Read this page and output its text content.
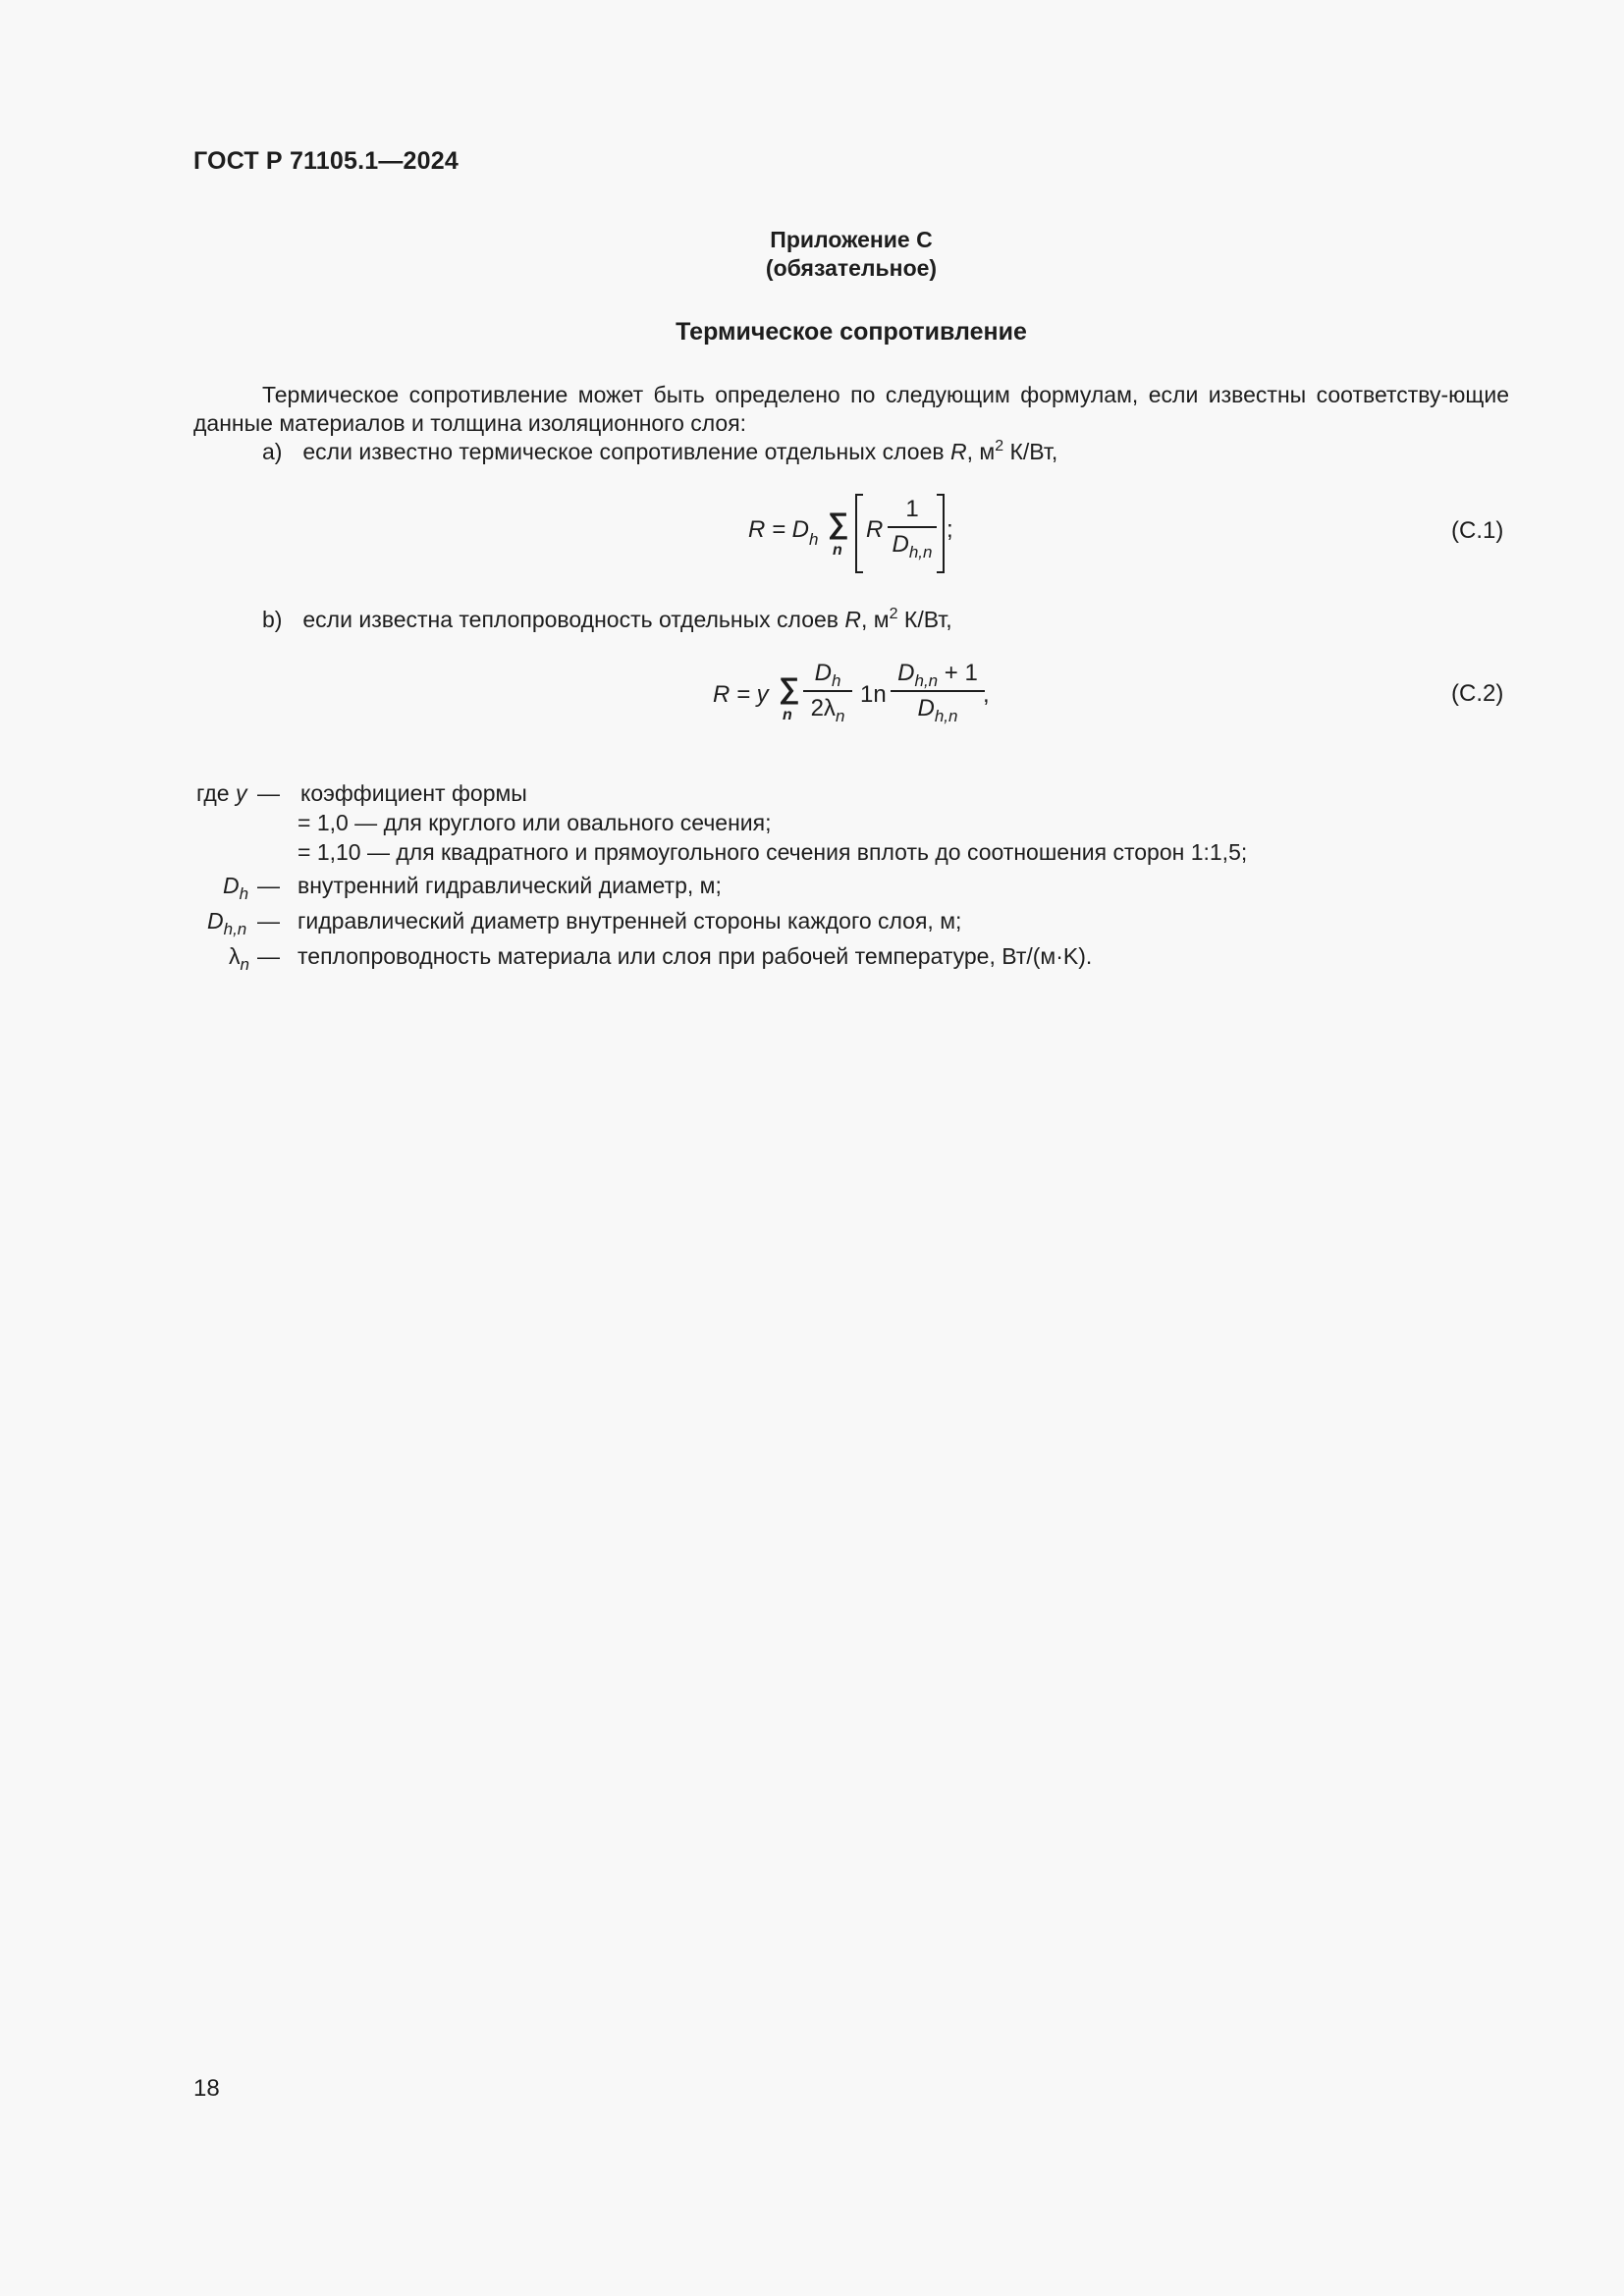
ГОСТ Р 71105.1—2024
Приложение С
(обязательное)
Термическое сопротивление
Термическое сопротивление может быть определено по следующим формулам, если известны соответству-ющие данные материалов и толщина изоляционного слоя:
a) если известно термическое сопротивление отдельных слоев R, $м^2$ К/Вт,
$R = D_h$ ∑
n
R
1
$D_{h,n}$
;	(С.1)
b) если известна теплопроводность отдельных слоев R, $м^2$ К/Вт,
R = y ∑
n
$D_h$
$2\lambda_n$
1n
$D_{h,n} + 1$
$D_{h,n}$
,	(С.2)
где y — коэффициент формы
= 1,0 — для круглого или овального сечения;
= 1,10 — для квадратного и прямоугольного сечения вплоть до соотношения сторон 1:1,5;
$D_h$ — внутренний гидравлический диаметр, м;
$D_{h,n}$ — гидравлический диаметр внутренней стороны каждого слоя, м;
$\lambda_n$ — теплопроводность материала или слоя при рабочей температуре, Вт/(м·K).
18
